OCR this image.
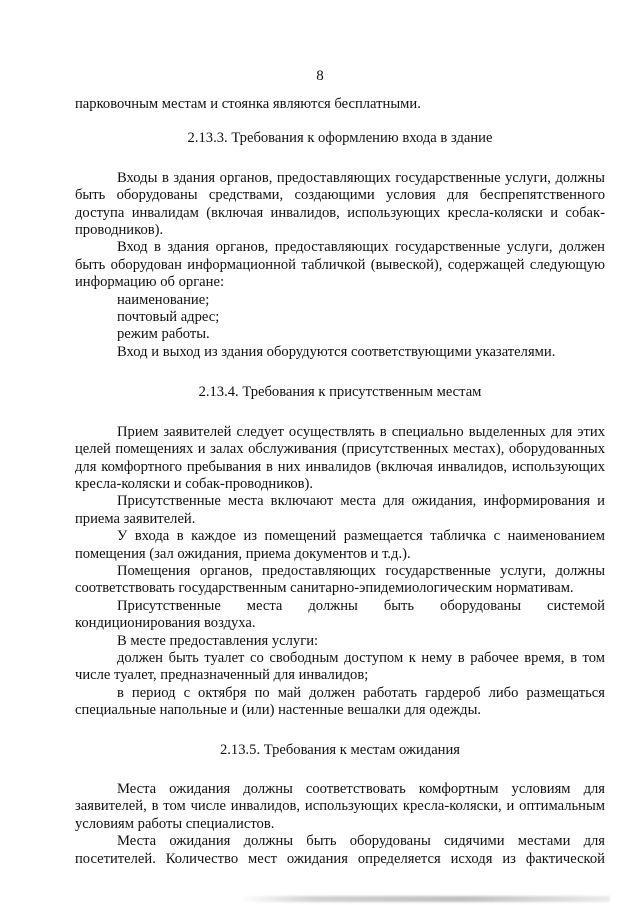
8

парковочным местам и стоянка являются бесплатными.

2.13.3. Требования к оформлению входа в здание

Входы в здания органов, предоставляющих государственные услуги, должны быть оборудованы средствами, создающими условия для беспрепятственного доступа инвалидам (включая инвалидов, использующих кресла-коляски и собак-проводников).

Вход в здания органов, предоставляющих государственные услуги, должен быть оборудован информационной табличкой (вывеской), содержащей следующую информацию об органе:

наименование;

почтовый адрес;

режим работы.

Вход и выход из здания оборудуются соответствующими указателями.

2.13.4. Требования к присутственным местам

Прием заявителей следует осуществлять в специально выделенных для этих целей помещениях и залах обслуживания (присутственных местах), оборудованных для комфортного пребывания в них инвалидов (включая инвалидов, использующих кресла-коляски и собак-проводников).

Присутственные места включают места для ожидания, информирования и приема заявителей.

У входа в каждое из помещений размещается табличка с наименованием помещения (зал ожидания, приема документов и т.д.).

Помещения органов, предоставляющих государственные услуги, должны соответствовать государственным санитарно-эпидемиологическим нормативам.

Присутственные места должны быть оборудованы системой кондиционирования воздуха.

В месте предоставления услуги:

должен быть туалет со свободным доступом к нему в рабочее время, в том числе туалет, предназначенный для инвалидов;

в период с октября по май должен работать гардероб либо размещаться специальные напольные и (или) настенные вешалки для одежды.

2.13.5. Требования к местам ожидания

Места ожидания должны соответствовать комфортным условиям для заявителей, в том числе инвалидов, использующих кресла-коляски, и оптимальным условиям работы специалистов.

Места ожидания должны быть оборудованы сидячими местами для посетителей. Количество мест ожидания определяется исходя из фактической
